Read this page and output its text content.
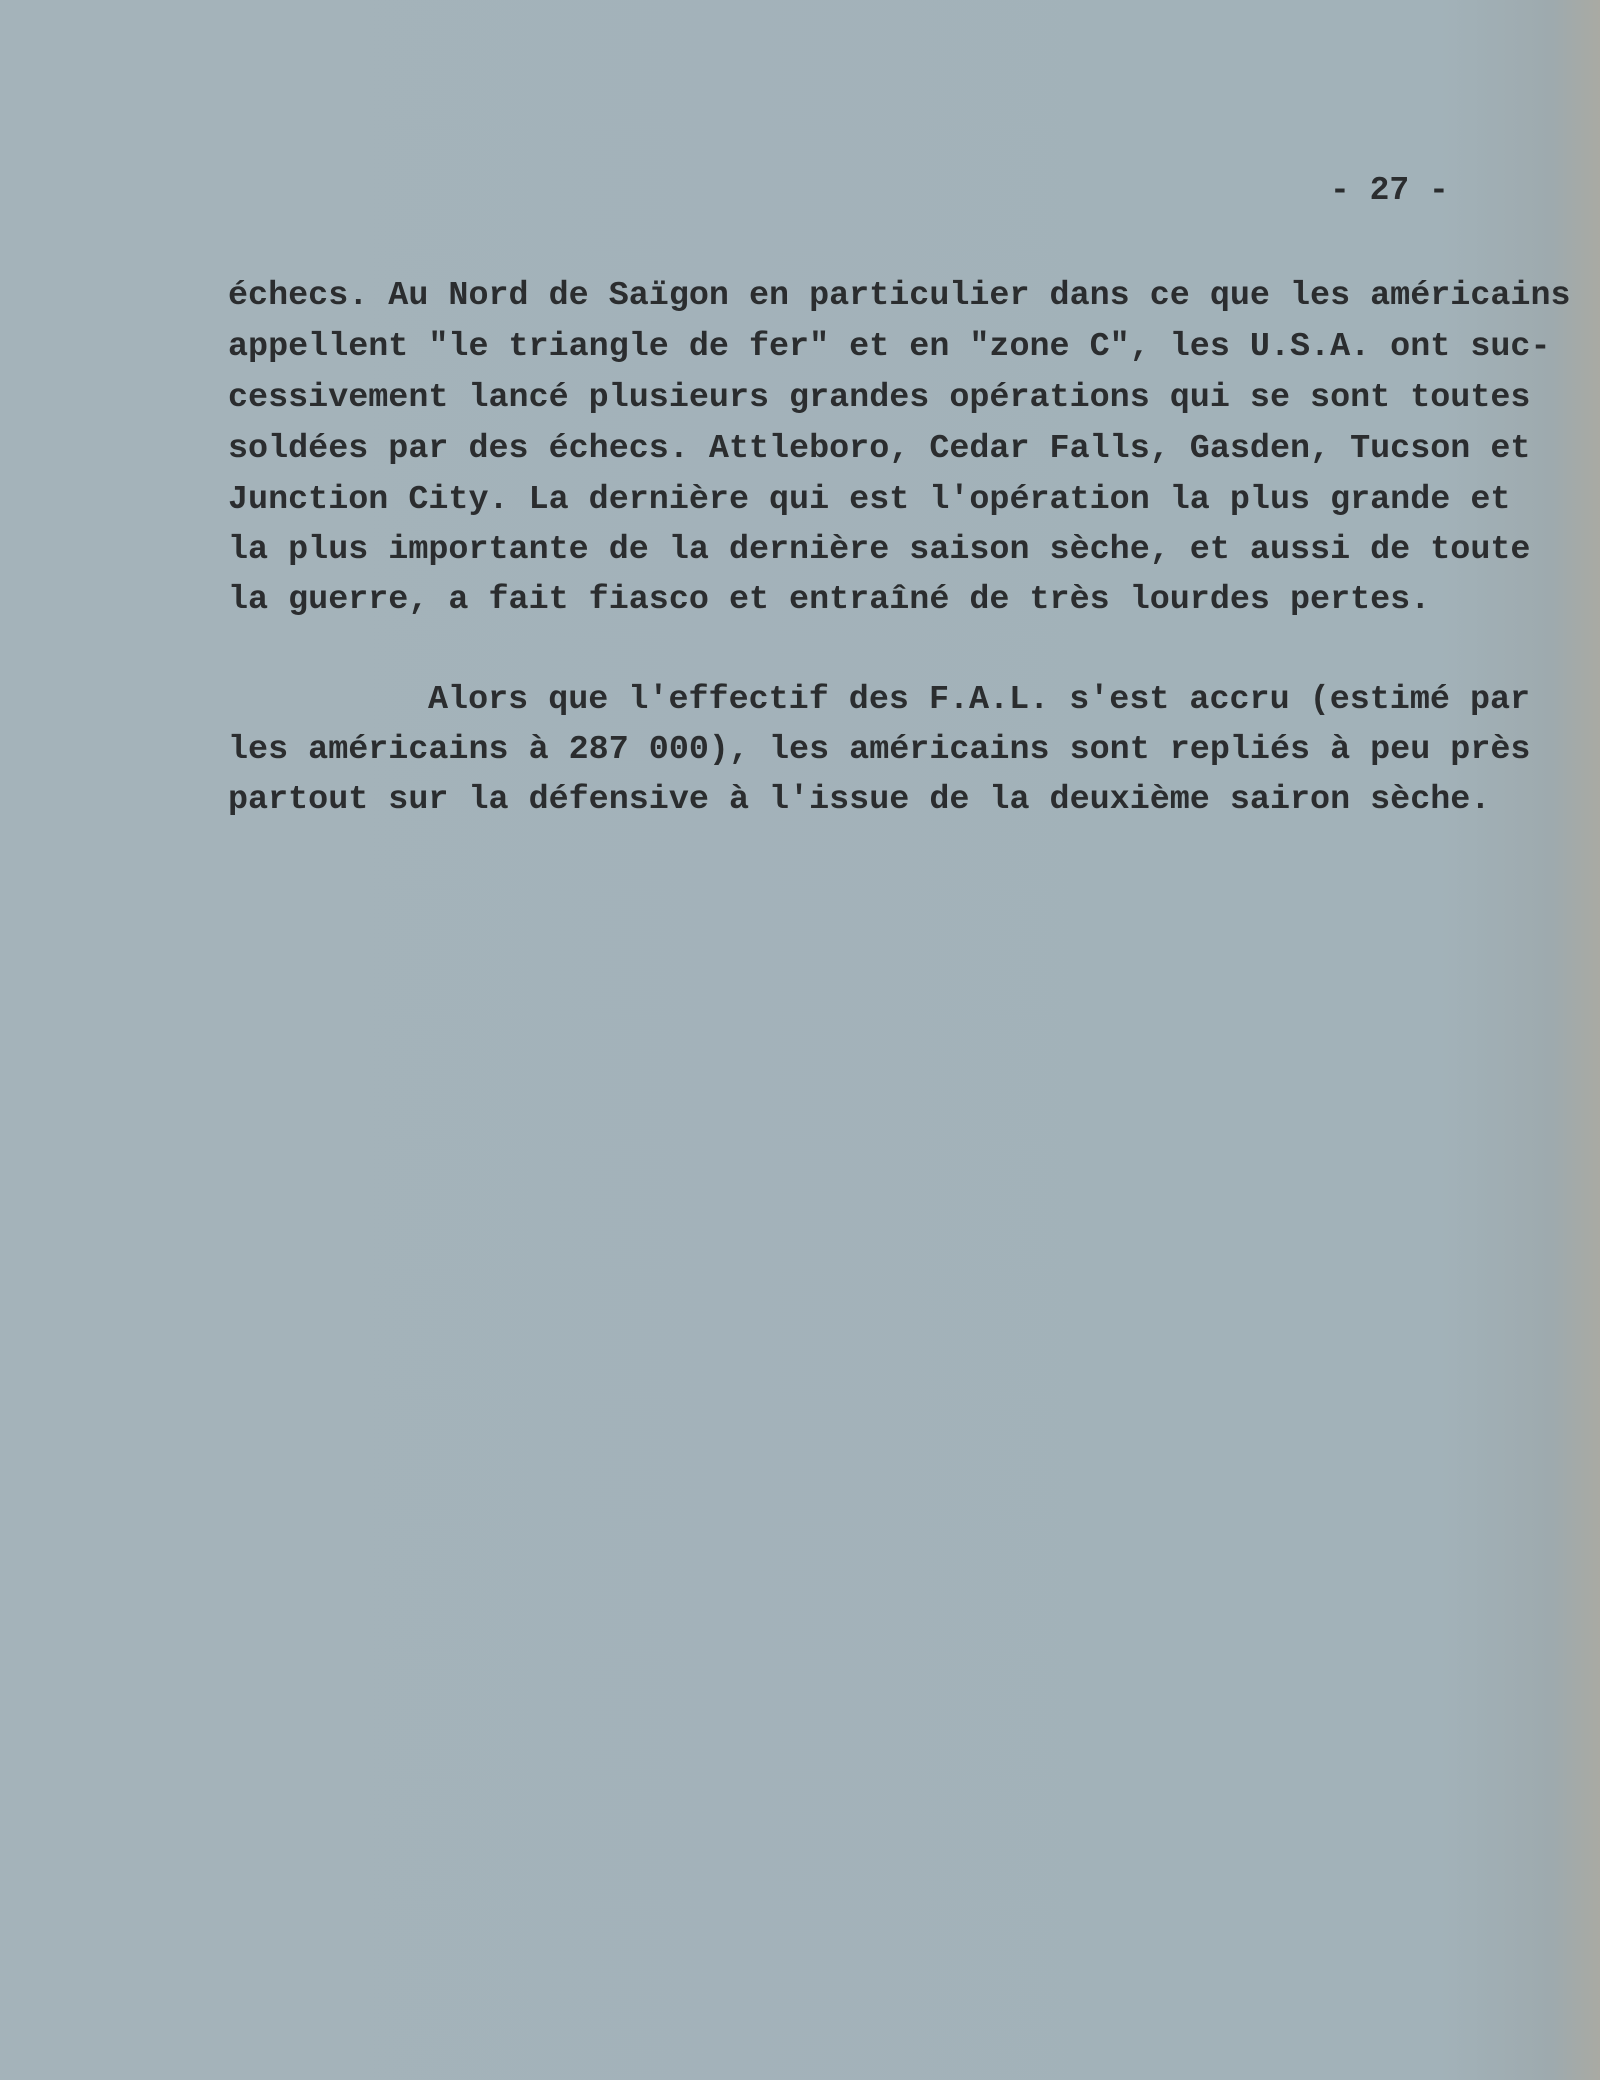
- 27 -
échecs. Au Nord de Saïgon en particulier dans ce que les américains
appellent "le triangle de fer" et en "zone C", les U.S.A. ont suc-
cessivement lancé plusieurs grandes opérations qui se sont toutes
soldées par des échecs. Attleboro, Cedar Falls, Gasden, Tucson et
Junction City. La dernière qui est l'opération la plus grande et
la plus importante de la dernière saison sèche, et aussi de toute
la guerre, a fait fiasco et entraîné de très lourdes pertes.
Alors que l'effectif des F.A.L. s'est accru (estimé par
les américains à 287 000), les américains sont repliés à peu près
partout sur la défensive à l'issue de la deuxième sairon sèche.
